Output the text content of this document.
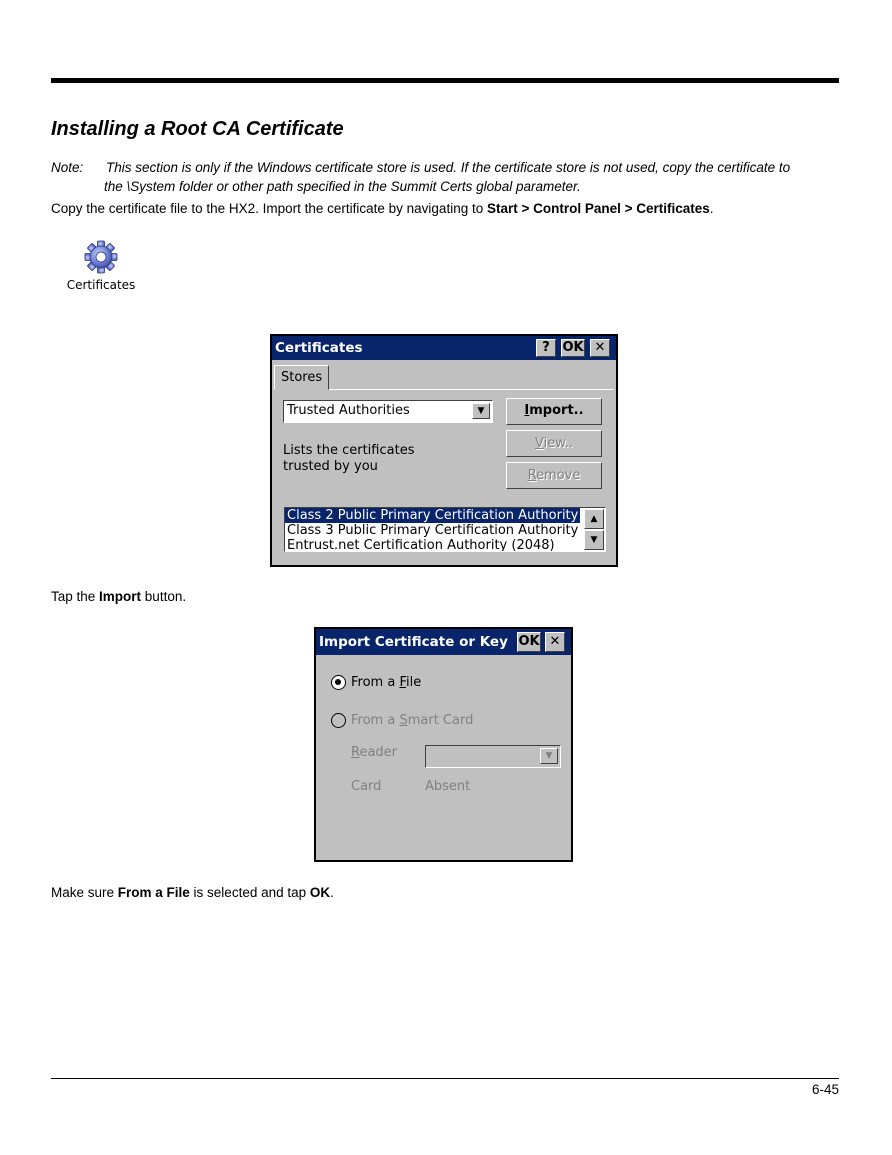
Installing a Root CA Certificate
Note: This section is only if the Windows certificate store is used. If the certificate store is not used, copy the certificate to
the \System folder or other path specified in the Summit Certs global parameter.
Copy the certificate file to the HX2. Import the certificate by navigating to Start > Control Panel > Certificates.
Certificates
Certificates	? OK ✕
Stores
Trusted Authorities	▼	Import..
View..
Remove
Lists the certificates
trusted by you
Class 2 Public Primary Certification Authority
Class 3 Public Primary Certification Authority
Entrust.net Certification Authority (2048)
▲
▼
Tap the Import button.
Import Certificate or Key OK ✕
From a File
From a Smart Card
Reader	▼
Card	Absent
Make sure From a File is selected and tap OK.
6-45
